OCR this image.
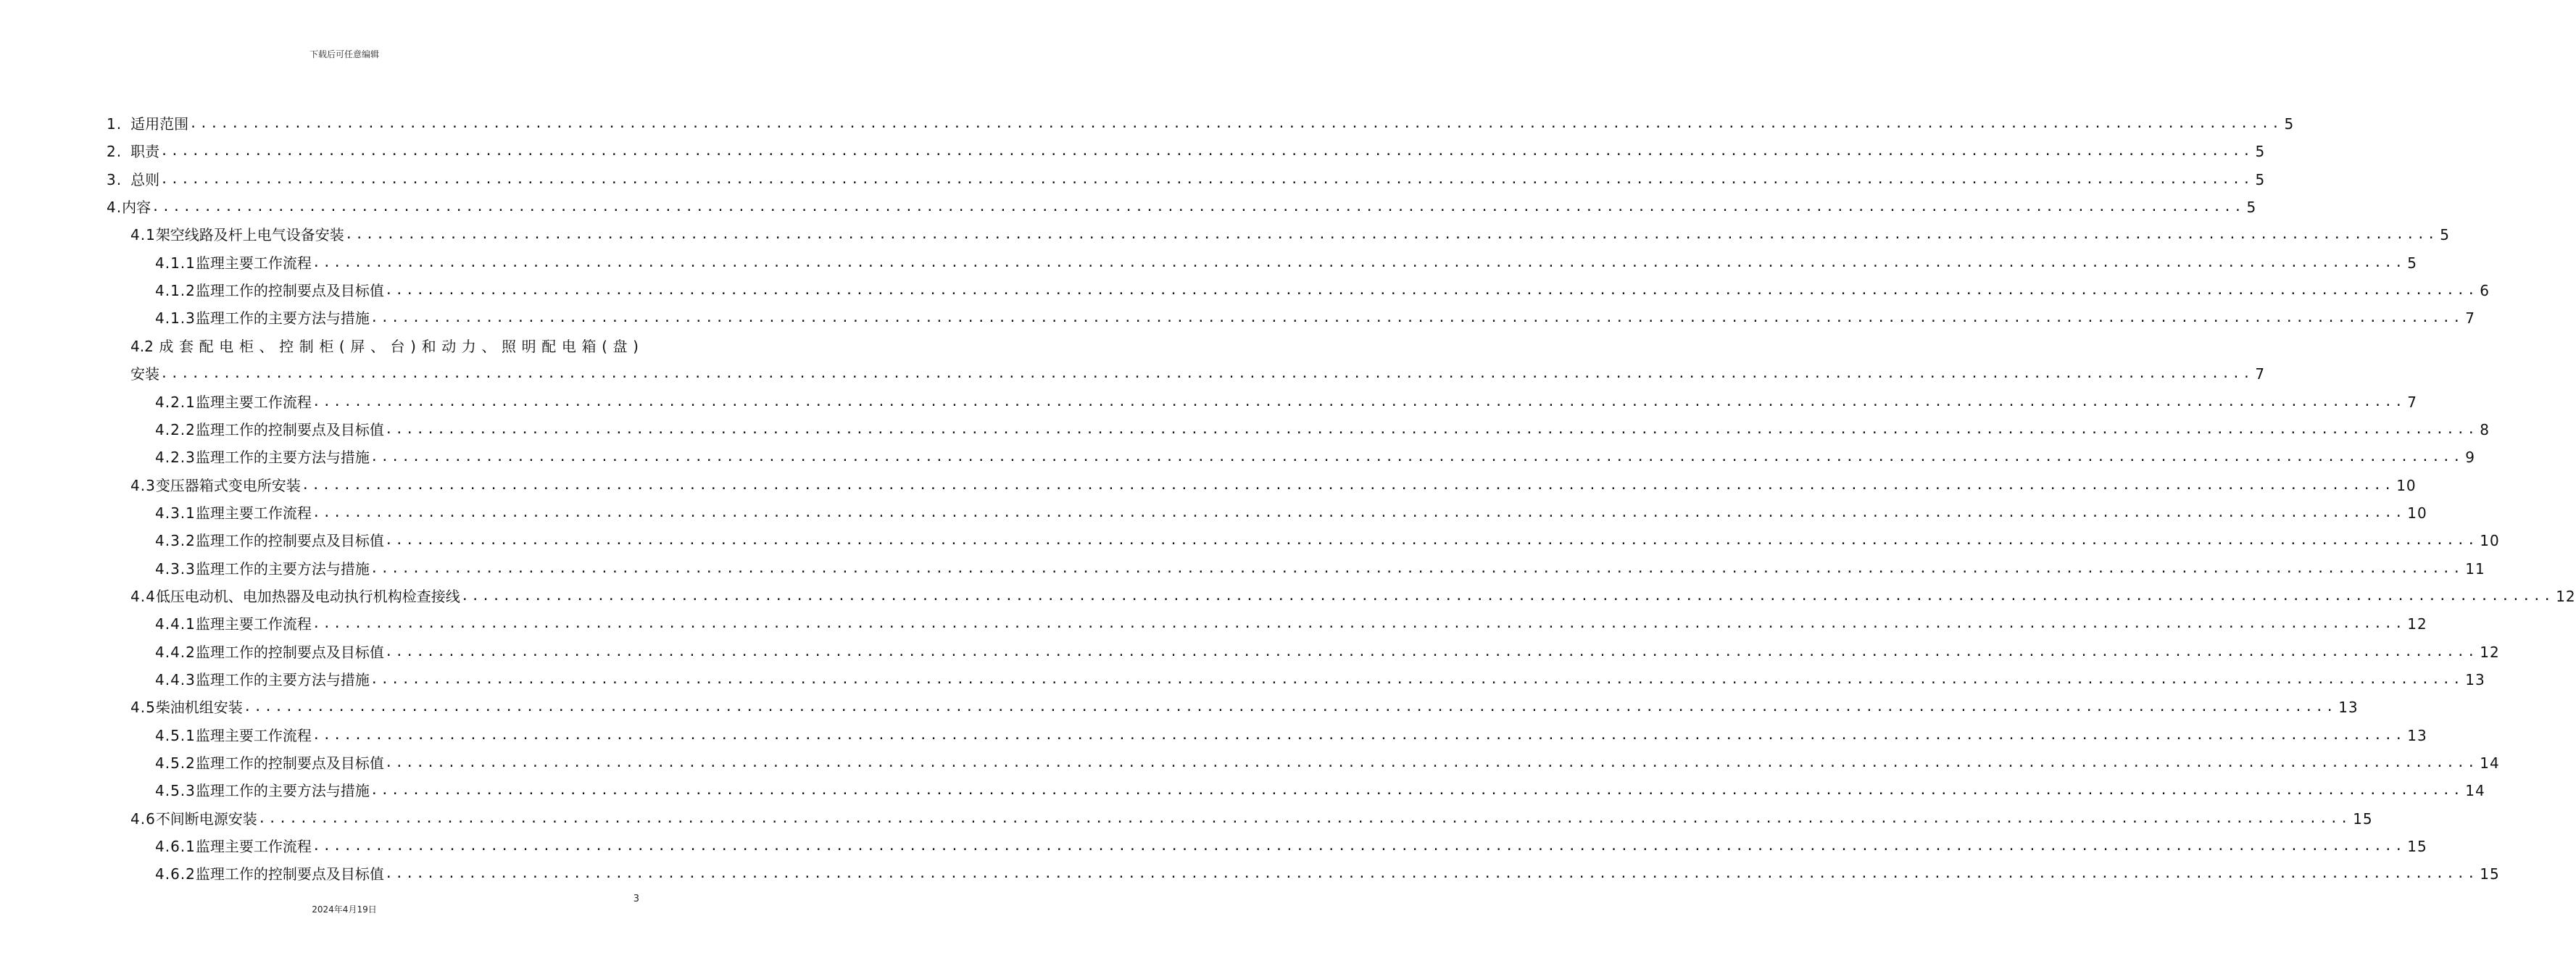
下载后可任意编辑
1. 适用范围 ........................................................................................................................................................................................................ 5
2. 职责 ........................................................................................................................................................................................................ 5
3. 总则 ........................................................................................................................................................................................................ 5
4. 内容 ........................................................................................................................................................................................................ 5
4.1 架空线路及杆上电气设备安装 ........................................................................................................................................................................................................ 5
4.1.1 监理主要工作流程 ........................................................................................................................................................................................................ 5
4.1.2 监理工作的控制要点及目标值 ........................................................................................................................................................................................................ 6
4.1.3 监理工作的主要方法与措施 ........................................................................................................................................................................................................ 7
4.2 成 套 配 电 柜 、 控 制 柜 ( 屏 、 台 ) 和 动 力 、 照 明 配 电 箱 ( 盘 )
安装 ........................................................................................................................................................................................................ 7
4.2.1 监理主要工作流程 ........................................................................................................................................................................................................ 7
4.2.2 监理工作的控制要点及目标值 ........................................................................................................................................................................................................ 8
4.2.3 监理工作的主要方法与措施 ........................................................................................................................................................................................................ 9
4.3 变压器箱式变电所安装 ........................................................................................................................................................................................................ 10
4.3.1 监理主要工作流程 ........................................................................................................................................................................................................ 10
4.3.2 监理工作的控制要点及目标值 ........................................................................................................................................................................................................ 10
4.3.3 监理工作的主要方法与措施 ........................................................................................................................................................................................................ 11
4.4 低压电动机、电加热器及电动执行机构检查接线 ........................................................................................................................................................................................................ 12
4.4.1 监理主要工作流程 ........................................................................................................................................................................................................ 12
4.4.2 监理工作的控制要点及目标值 ........................................................................................................................................................................................................ 12
4.4.3 监理工作的主要方法与措施 ........................................................................................................................................................................................................ 13
4.5 柴油机组安装 ........................................................................................................................................................................................................ 13
4.5.1 监理主要工作流程 ........................................................................................................................................................................................................ 13
4.5.2 监理工作的控制要点及目标值 ........................................................................................................................................................................................................ 14
4.5.3 监理工作的主要方法与措施 ........................................................................................................................................................................................................ 14
4.6 不间断电源安装 ........................................................................................................................................................................................................ 15
4.6.1 监理主要工作流程 ........................................................................................................................................................................................................ 15
4.6.2 监理工作的控制要点及目标值 ........................................................................................................................................................................................................ 15
3
2024年4月19日
